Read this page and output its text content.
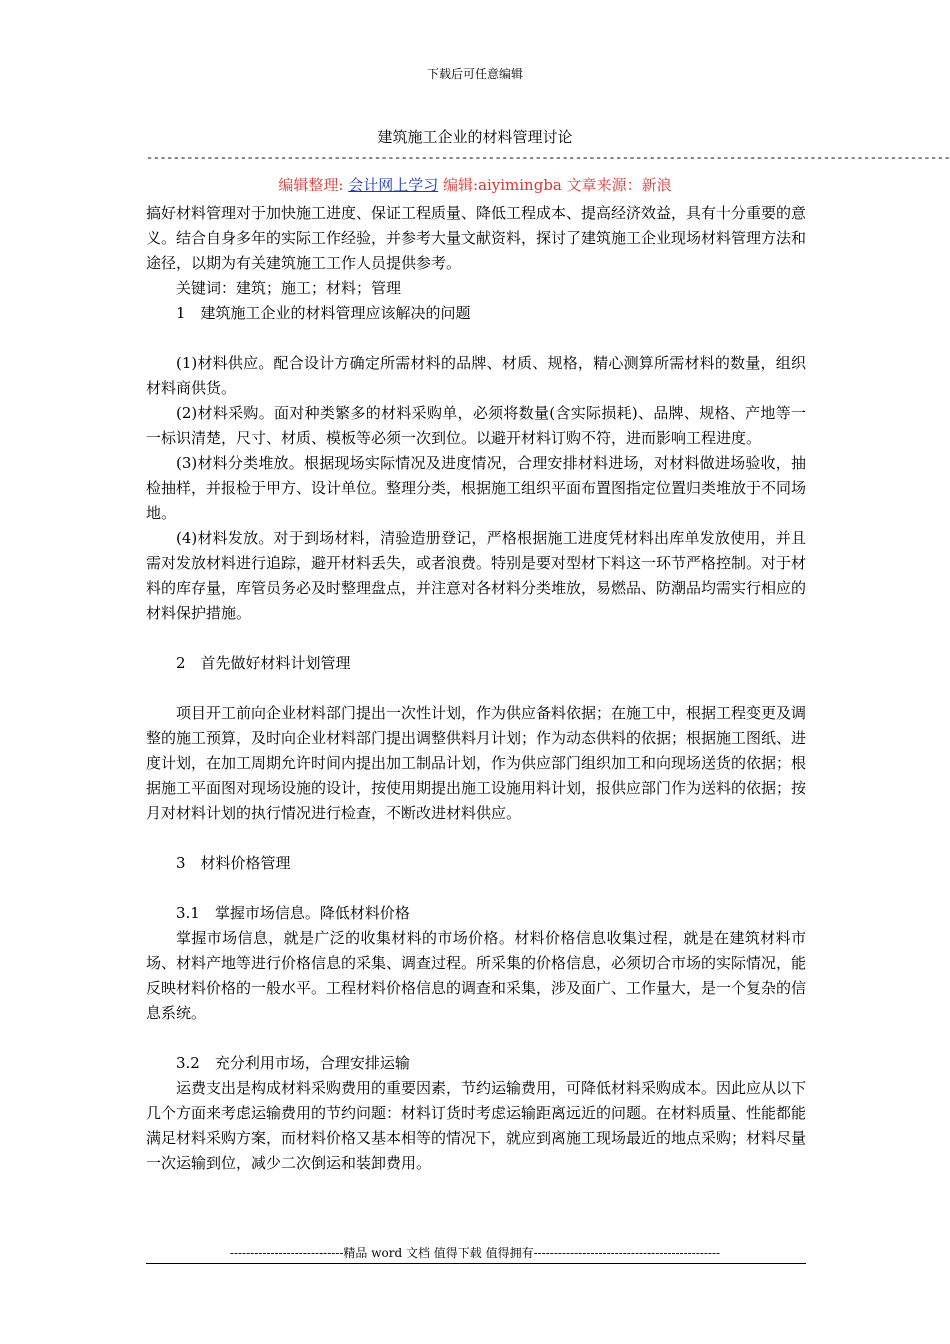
下载后可任意编辑
建筑施工企业的材料管理讨论
------------------------------------------------------------------------------------------------------------------------
编辑整理: 会计网上学习 编辑:aiyimingba 文章来源：新浪

搞好材料管理对于加快施工进度、保证工程质量、降低工程成本、提高经济效益，具有十分重要的意义。结合自身多年的实际工作经验，并参考大量文献资料，探讨了建筑施工企业现场材料管理方法和途径，以期为有关建筑施工工作人员提供参考。

关键词：建筑；施工；材料；管理

1　建筑施工企业的材料管理应该解决的问题

(1)材料供应。配合设计方确定所需材料的品牌、材质、规格，精心测算所需材料的数量，组织材料商供货。

(2)材料采购。面对种类繁多的材料采购单，必须将数量(含实际损耗)、品牌、规格、产地等一一标识清楚，尺寸、材质、模板等必须一次到位。以避开材料订购不符，进而影响工程进度。

(3)材料分类堆放。根据现场实际情况及进度情况，合理安排材料进场，对材料做进场验收，抽检抽样，并报检于甲方、设计单位。整理分类，根据施工组织平面布置图指定位置归类堆放于不同场地。

(4)材料发放。对于到场材料，清验造册登记，严格根据施工进度凭材料出库单发放使用，并且需对发放材料进行追踪，避开材料丢失，或者浪费。特别是要对型材下料这一环节严格控制。对于材料的库存量，库管员务必及时整理盘点，并注意对各材料分类堆放，易燃品、防潮品均需实行相应的材料保护措施。

2　首先做好材料计划管理

项目开工前向企业材料部门提出一次性计划，作为供应备料依据；在施工中，根据工程变更及调整的施工预算，及时向企业材料部门提出调整供料月计划；作为动态供料的依据；根据施工图纸、进度计划，在加工周期允许时间内提出加工制品计划，作为供应部门组织加工和向现场送货的依据；根据施工平面图对现场设施的设计，按使用期提出施工设施用料计划，报供应部门作为送料的依据；按月对材料计划的执行情况进行检查，不断改进材料供应。

3　材料价格管理

3.1　掌握市场信息。降低材料价格

掌握市场信息，就是广泛的收集材料的市场价格。材料价格信息收集过程，就是在建筑材料市场、材料产地等进行价格信息的采集、调查过程。所采集的价格信息，必须切合市场的实际情况，能反映材料价格的一般水平。工程材料价格信息的调查和采集，涉及面广、工作量大，是一个复杂的信息系统。

3.2　充分利用市场，合理安排运输

运费支出是构成材料采购费用的重要因素，节约运输费用，可降低材料采购成本。因此应从以下几个方面来考虑运输费用的节约问题：材料订货时考虑运输距离远近的问题。在材料质量、性能都能满足材料采购方案，而材料价格又基本相等的情况下，就应到离施工现场最近的地点采购；材料尽量一次运输到位，减少二次倒运和装卸费用。

----------------------------精品 word 文档 值得下载 值得拥有----------------------------------------------
